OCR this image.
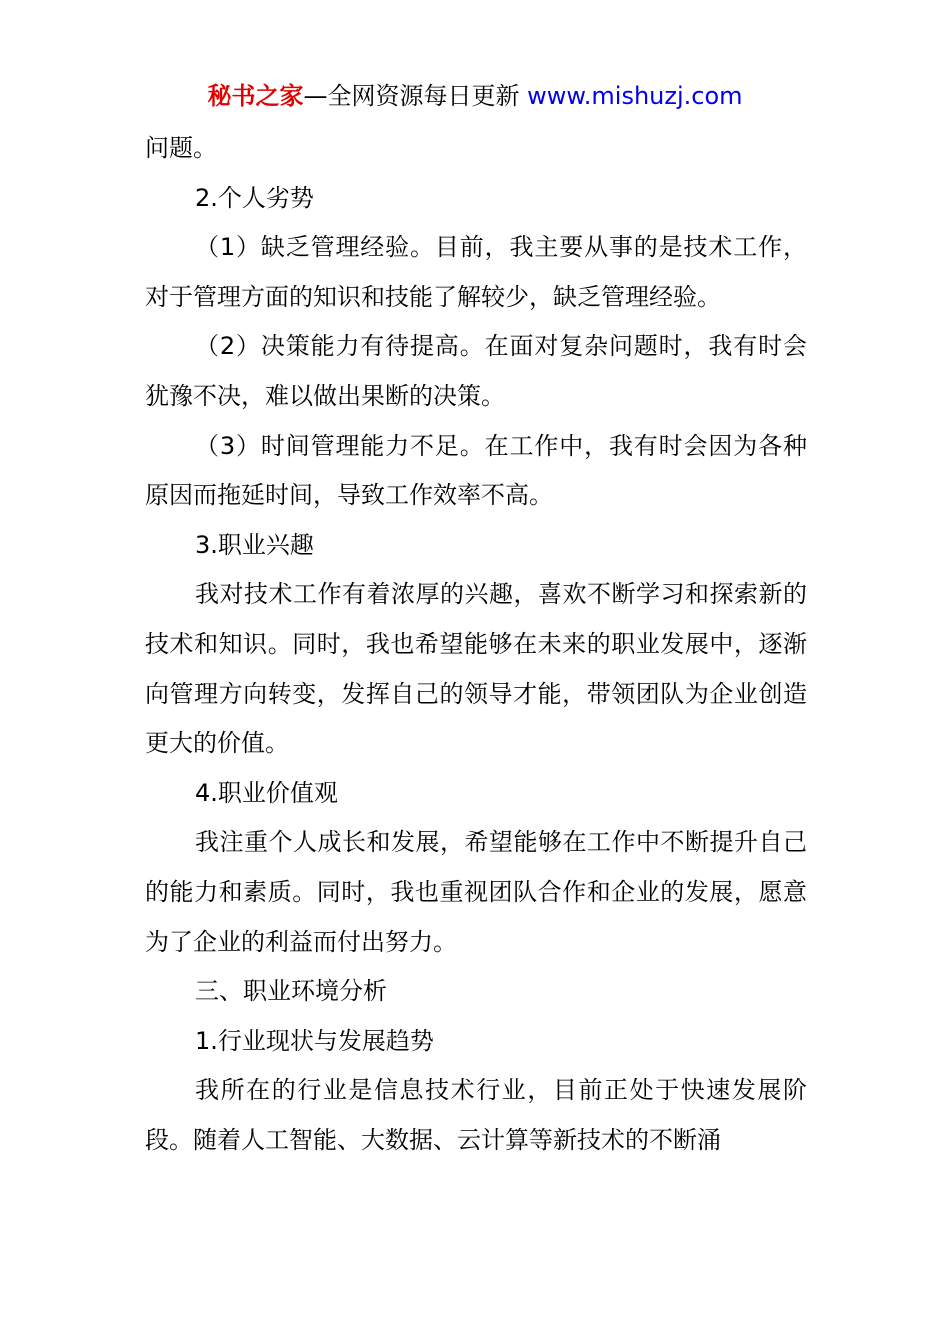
秘书之家—全网资源每日更新 www.mishuzj.com

问题。

2.个人劣势

（1）缺乏管理经验。目前，我主要从事的是技术工作，对于管理方面的知识和技能了解较少，缺乏管理经验。

（2）决策能力有待提高。在面对复杂问题时，我有时会犹豫不决，难以做出果断的决策。

（3）时间管理能力不足。在工作中，我有时会因为各种原因而拖延时间，导致工作效率不高。

3.职业兴趣

我对技术工作有着浓厚的兴趣，喜欢不断学习和探索新的技术和知识。同时，我也希望能够在未来的职业发展中，逐渐向管理方向转变，发挥自己的领导才能，带领团队为企业创造更大的价值。

4.职业价值观

我注重个人成长和发展，希望能够在工作中不断提升自己的能力和素质。同时，我也重视团队合作和企业的发展，愿意为了企业的利益而付出努力。

三、职业环境分析

1.行业现状与发展趋势

我所在的行业是信息技术行业，目前正处于快速发展阶段。随着人工智能、大数据、云计算等新技术的不断涌
